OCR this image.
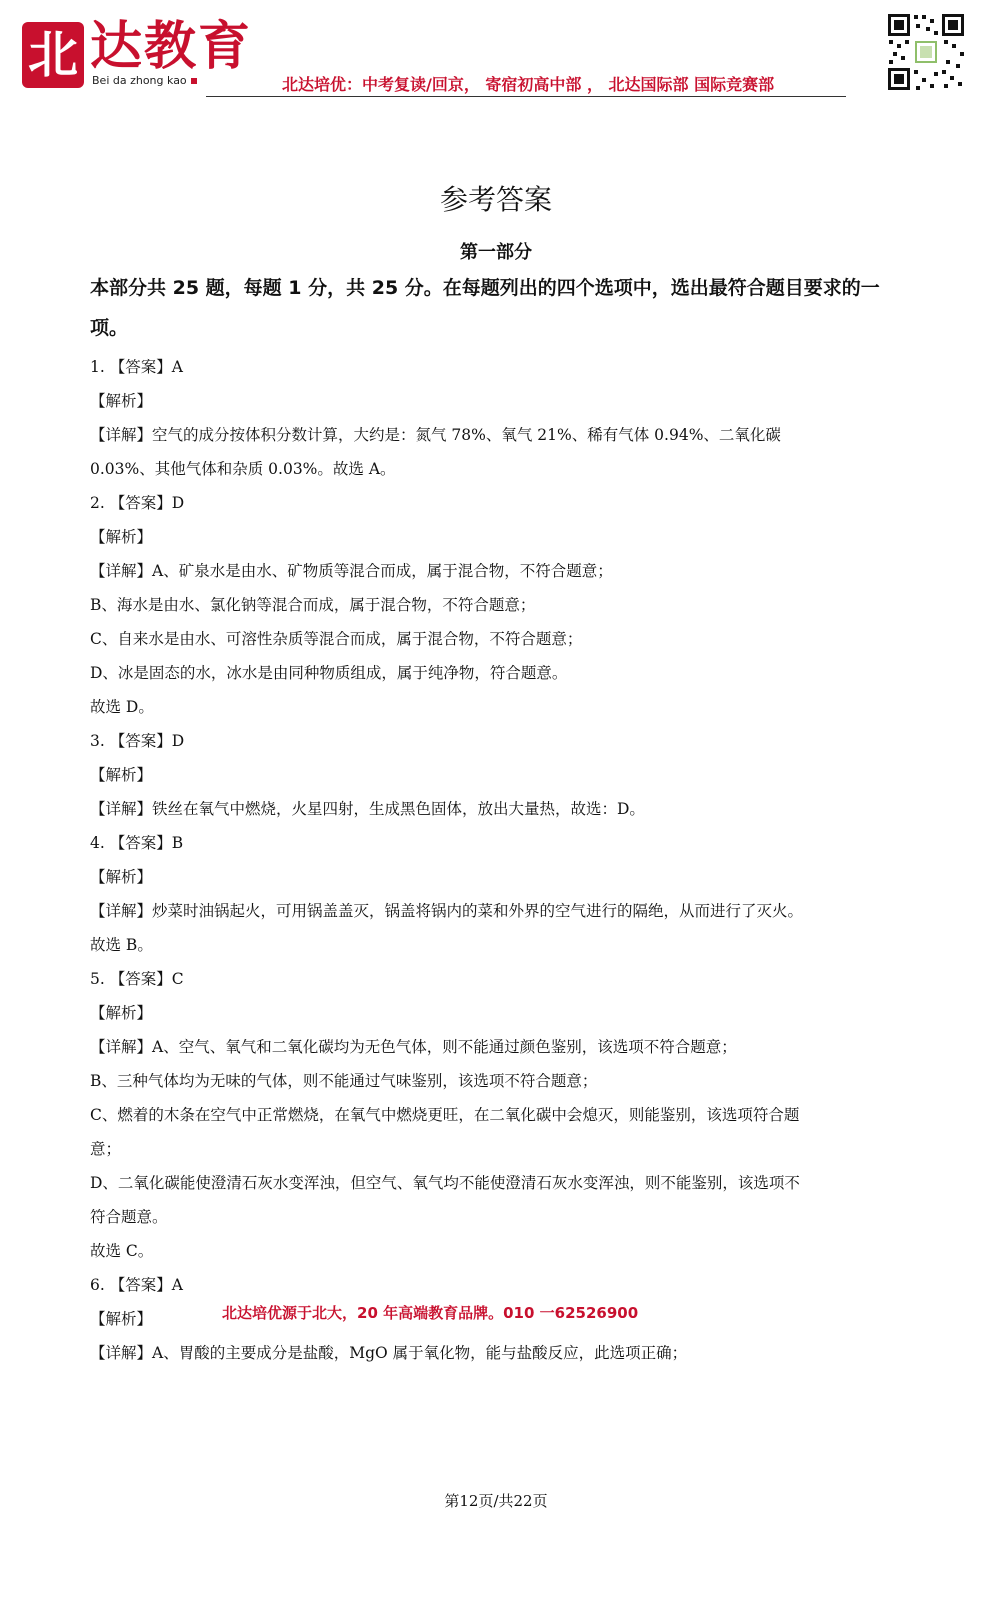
北 达教育
Bei da zhong kao	北达培优：中考复读/回京， 寄宿初高中部 ， 北达国际部 国际竞赛部
参考答案
第一部分
本部分共 25 题，每题 1 分，共 25 分。在每题列出的四个选项中，选出最符合题目要求的一项。
1. 【答案】A
【解析】
【详解】空气的成分按体积分数计算，大约是：氮气 78%、氧气 21%、稀有气体 0.94%、二氧化碳
0.03%、其他气体和杂质 0.03%。故选 A。
2. 【答案】D
【解析】
【详解】A、矿泉水是由水、矿物质等混合而成，属于混合物，不符合题意；
B、海水是由水、氯化钠等混合而成，属于混合物，不符合题意；
C、自来水是由水、可溶性杂质等混合而成，属于混合物，不符合题意；
D、冰是固态的水，冰水是由同种物质组成，属于纯净物，符合题意。
故选 D。
3. 【答案】D
【解析】
【详解】铁丝在氧气中燃烧，火星四射，生成黑色固体，放出大量热，故选：D。
4. 【答案】B
【解析】
【详解】炒菜时油锅起火，可用锅盖盖灭，锅盖将锅内的菜和外界的空气进行的隔绝，从而进行了灭火。
故选 B。
5. 【答案】C
【解析】
【详解】A、空气、氧气和二氧化碳均为无色气体，则不能通过颜色鉴别，该选项不符合题意；
B、三种气体均为无味的气体，则不能通过气味鉴别，该选项不符合题意；
C、燃着的木条在空气中正常燃烧，在氧气中燃烧更旺，在二氧化碳中会熄灭，则能鉴别，该选项符合题
意；
D、二氧化碳能使澄清石灰水变浑浊，但空气、氧气均不能使澄清石灰水变浑浊，则不能鉴别，该选项不
符合题意。
故选 C。
6. 【答案】A
【解析】
【详解】A、胃酸的主要成分是盐酸，MgO 属于氧化物，能与盐酸反应，此选项正确；
北达培优源于北大，20 年高端教育品牌。010 一62526900
第12页/共22页
